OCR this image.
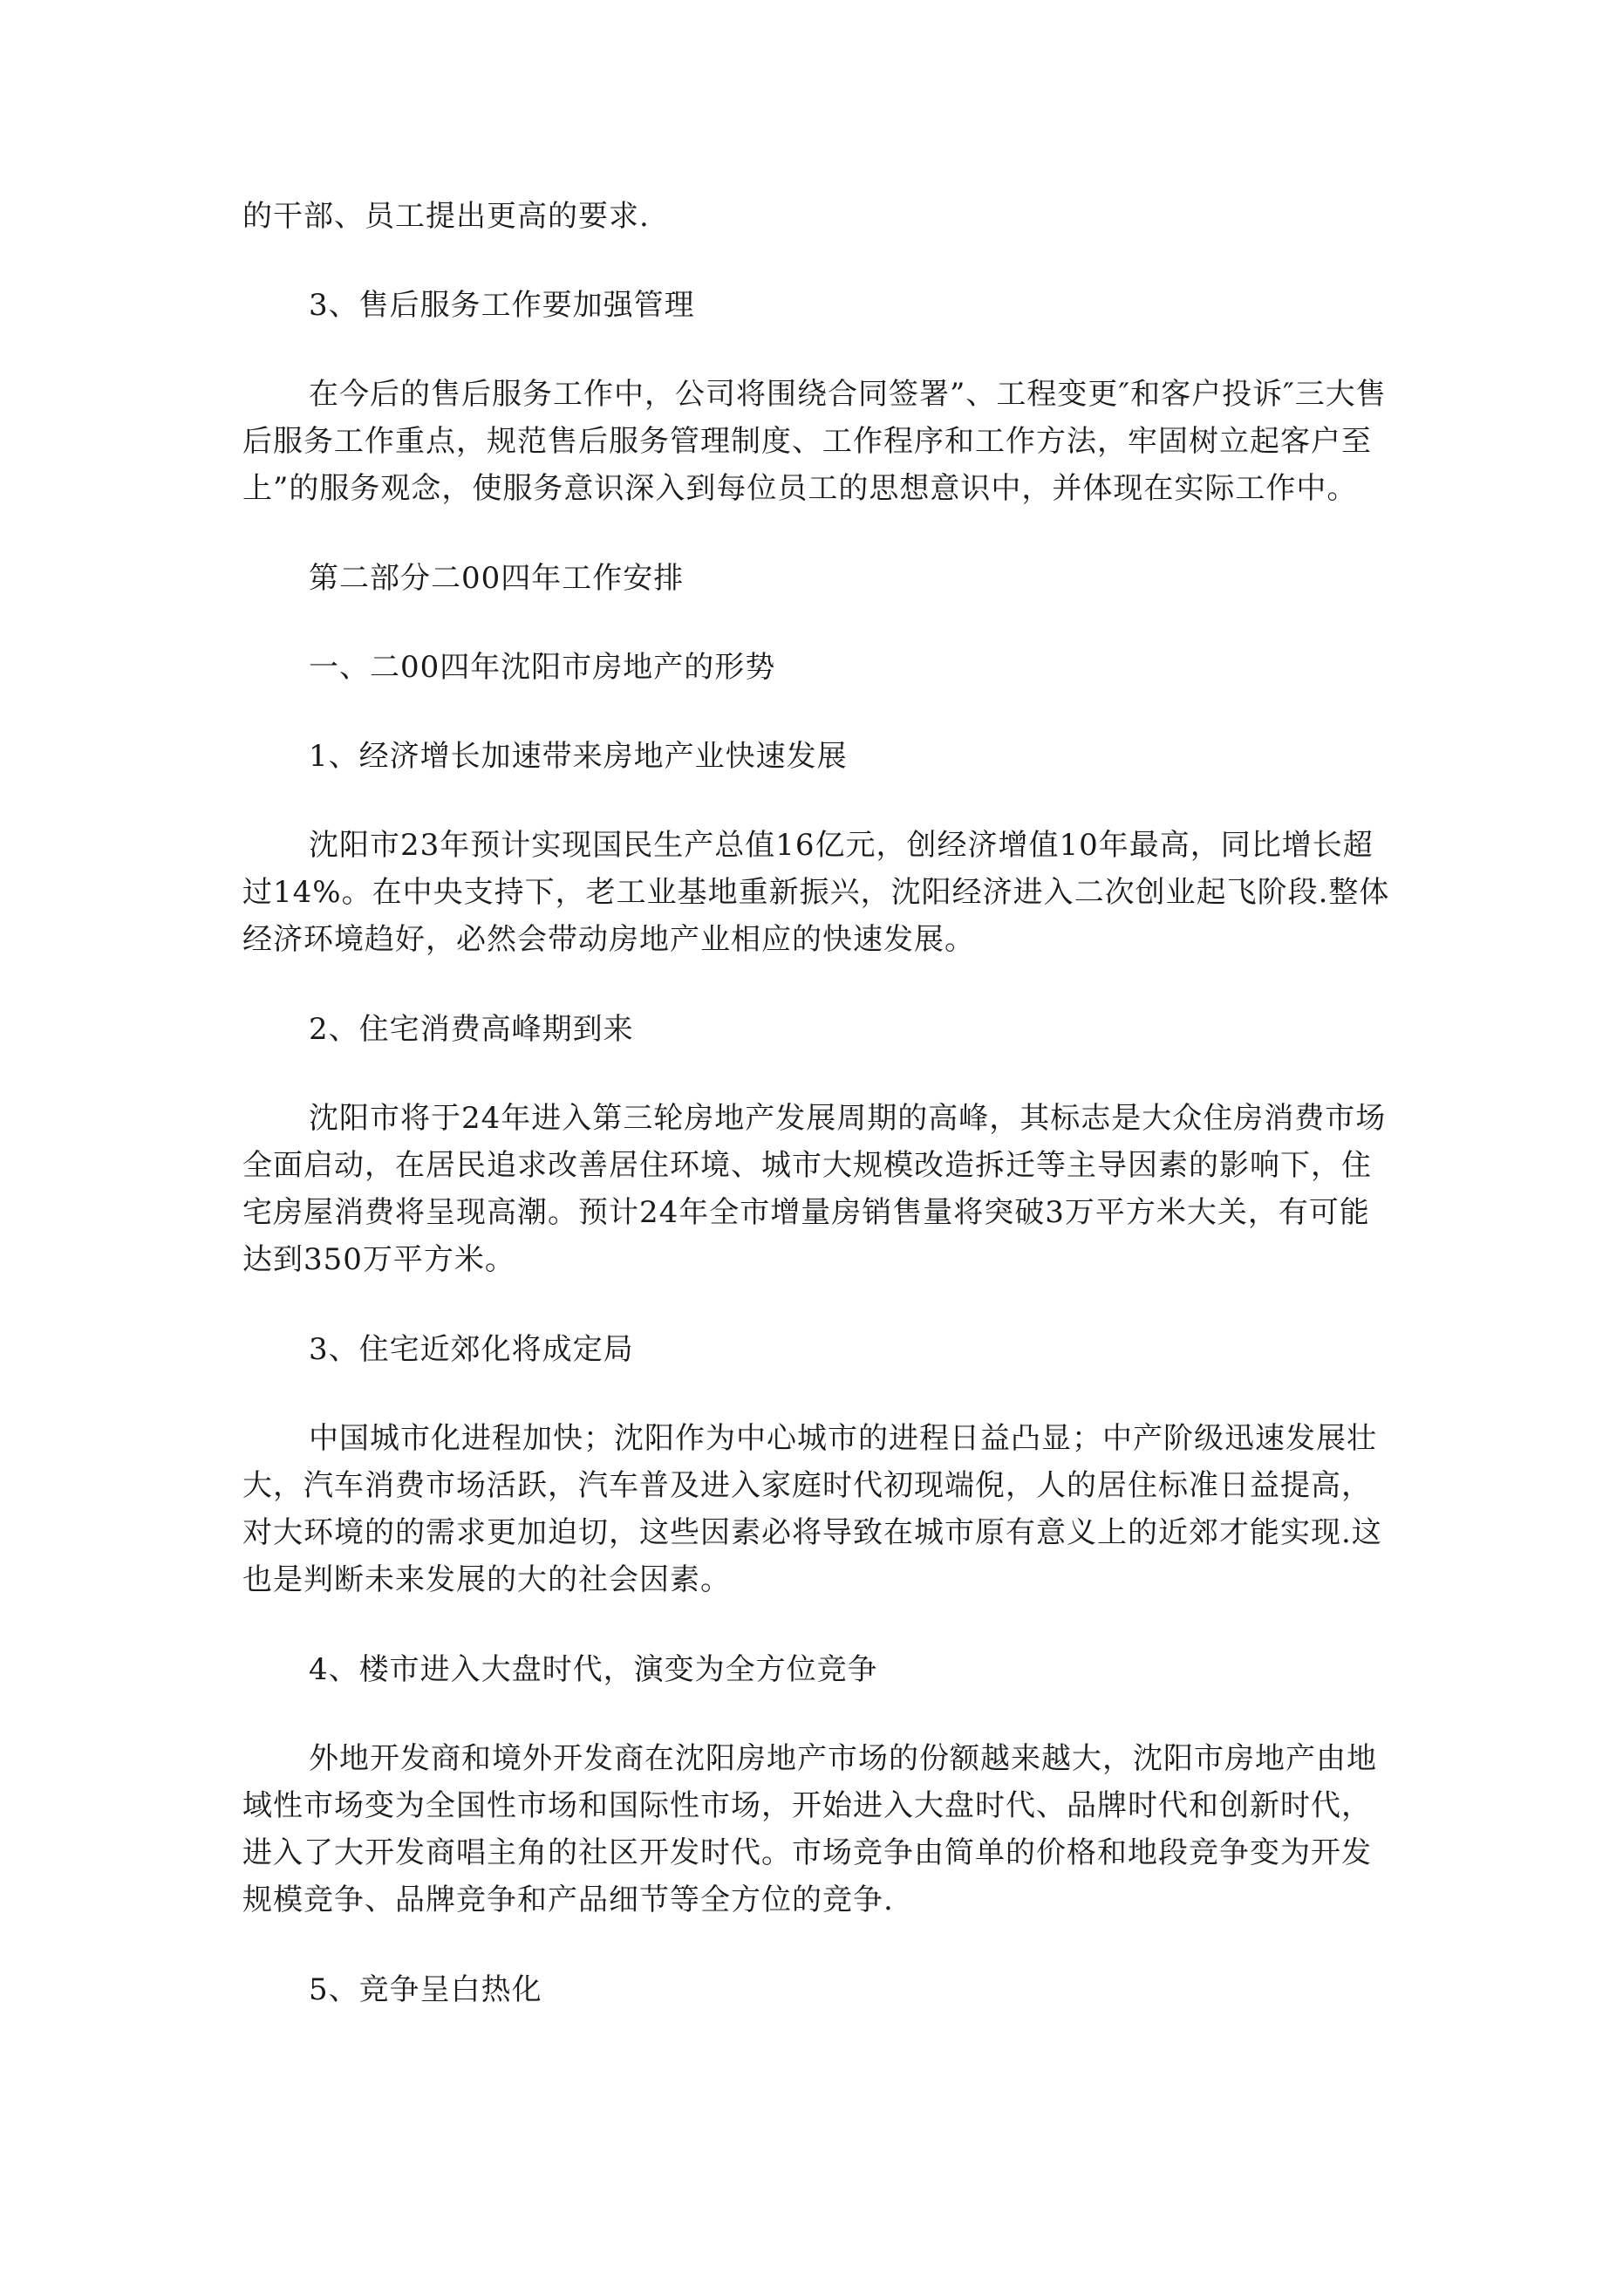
的干部、员工提出更高的要求.

3、售后服务工作要加强管理

在今后的售后服务工作中，公司将围绕合同签署”、工程变更″和客户投诉″三大售后服务工作重点，规范售后服务管理制度、工作程序和工作方法，牢固树立起客户至上”的服务观念，使服务意识深入到每位员工的思想意识中，并体现在实际工作中。

第二部分二00四年工作安排

一、二00四年沈阳市房地产的形势

1、经济增长加速带来房地产业快速发展

沈阳市23年预计实现国民生产总值16亿元，创经济增值10年最高，同比增长超过14%。在中央支持下，老工业基地重新振兴，沈阳经济进入二次创业起飞阶段.整体经济环境趋好，必然会带动房地产业相应的快速发展。

2、住宅消费高峰期到来

沈阳市将于24年进入第三轮房地产发展周期的高峰，其标志是大众住房消费市场全面启动，在居民追求改善居住环境、城市大规模改造拆迁等主导因素的影响下，住宅房屋消费将呈现高潮。预计24年全市增量房销售量将突破3万平方米大关，有可能达到350万平方米。

3、住宅近郊化将成定局

中国城市化进程加快；沈阳作为中心城市的进程日益凸显；中产阶级迅速发展壮大，汽车消费市场活跃，汽车普及进入家庭时代初现端倪，人的居住标准日益提高，对大环境的的需求更加迫切，这些因素必将导致在城市原有意义上的近郊才能实现.这也是判断未来发展的大的社会因素。

4、楼市进入大盘时代，演变为全方位竞争

外地开发商和境外开发商在沈阳房地产市场的份额越来越大，沈阳市房地产由地域性市场变为全国性市场和国际性市场，开始进入大盘时代、品牌时代和创新时代，进入了大开发商唱主角的社区开发时代。市场竞争由简单的价格和地段竞争变为开发规模竞争、品牌竞争和产品细节等全方位的竞争.

5、竞争呈白热化
